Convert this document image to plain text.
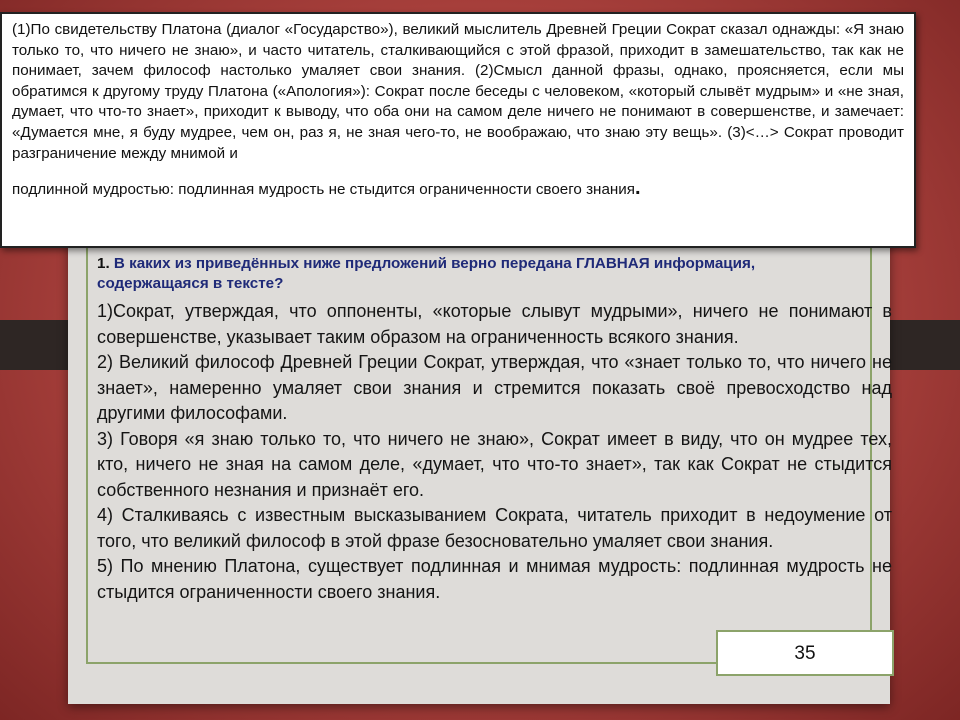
(1)По свидетельству Платона (диалог «Государство»), великий мыслитель Древней Греции Сократ сказал однажды: «Я знаю только то, что ничего не знаю», и часто читатель, сталкивающийся с этой фразой, приходит в замешательство, так как не понимает, зачем философ настолько умаляет свои знания. (2)Смысл данной фразы, однако, проясняется, если мы обратимся к другому труду Платона («Апология»): Сократ после беседы с человеком, «который слывёт мудрым» и «не зная, думает, что что-то знает», приходит к выводу, что оба они на самом деле ничего не понимают в совершенстве, и замечает: «Думается мне, я буду мудрее, чем он, раз я, не зная чего-то, не воображаю, что знаю эту вещь». (3)<…> Сократ проводит разграничение между мнимой и
подлинной мудростью: подлинная мудрость не стыдится ограниченности своего знания.
1. В каких из приведённых ниже предложений верно передана ГЛАВНАЯ информация, содержащаяся в тексте?

1)Сократ, утверждая, что оппоненты, «которые слывут мудрыми», ничего не понимают в совершенстве, указывает таким образом на ограниченность всякого знания.

2) Великий философ Древней Греции Сократ, утверждая, что «знает только то, что ничего не знает», намеренно умаляет свои знания и стремится показать своё превосходство над другими философами.

3) Говоря «я знаю только то, что ничего не знаю», Сократ имеет в виду, что он мудрее тех, кто, ничего не зная на самом деле, «думает, что что-то знает», так как Сократ не стыдится собственного незнания и признаёт его.

4) Сталкиваясь с известным высказыванием Сократа, читатель приходит в недоумение от того, что великий философ в этой фразе безосновательно умаляет свои знания.

5) По мнению Платона, существует подлинная и мнимая мудрость: подлинная мудрость не стыдится ограниченности своего знания.

35
